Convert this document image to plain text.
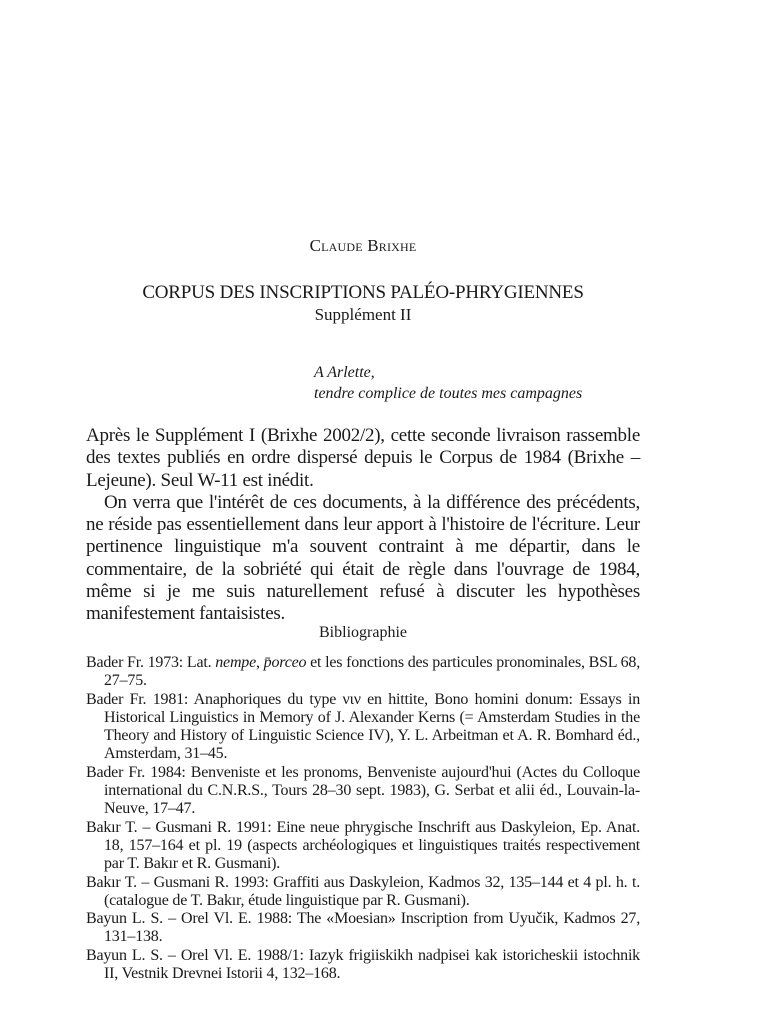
Claude Brixhe
CORPUS DES INSCRIPTIONS PALÉO-PHRYGIENNES
Supplément II
A Arlette,
tendre complice de toutes mes campagnes

Après le Supplément I (Brixhe 2002/2), cette seconde livraison rassemble des textes publiés en ordre dispersé depuis le Corpus de 1984 (Brixhe – Lejeune). Seul W-11 est inédit.

On verra que l'intérêt de ces documents, à la différence des précédents, ne réside pas essentiellement dans leur apport à l'histoire de l'écriture. Leur pertinence linguistique m'a souvent contraint à me départir, dans le commentaire, de la sobriété qui était de règle dans l'ouvrage de 1984, même si je me suis naturellement refusé à discuter les hypothèses manifestement fantaisistes.

Bibliographie

Bader Fr. 1973: Lat. nempe, p̄orceo et les fonctions des particules pronominales, BSL 68, 27–75.

Bader Fr. 1981: Anaphoriques du type νιν en hittite, Bono homini donum: Essays in Historical Linguistics in Memory of J. Alexander Kerns (= Amsterdam Studies in the Theory and History of Linguistic Science IV), Y. L. Arbeitman et A. R. Bomhard éd., Amsterdam, 31–45.

Bader Fr. 1984: Benveniste et les pronoms, Benveniste aujourd'hui (Actes du Colloque international du C.N.R.S., Tours 28–30 sept. 1983), G. Serbat et alii éd., Louvain-la-Neuve, 17–47.

Bakır T. – Gusmani R. 1991: Eine neue phrygische Inschrift aus Daskyleion, Ep. Anat. 18, 157–164 et pl. 19 (aspects archéologiques et linguistiques traités respectivement par T. Bakır et R. Gusmani).

Bakır T. – Gusmani R. 1993: Graffiti aus Daskyleion, Kadmos 32, 135–144 et 4 pl. h. t. (catalogue de T. Bakır, étude linguistique par R. Gusmani).

Bayun L. S. – Orel Vl. E. 1988: The «Moesian» Inscription from Uyučik, Kadmos 27, 131–138.

Bayun L. S. – Orel Vl. E. 1988/1: Iazyk frigiiskikh nadpisei kak istoricheskii istochnik II, Vestnik Drevnei Istorii 4, 132–168.
